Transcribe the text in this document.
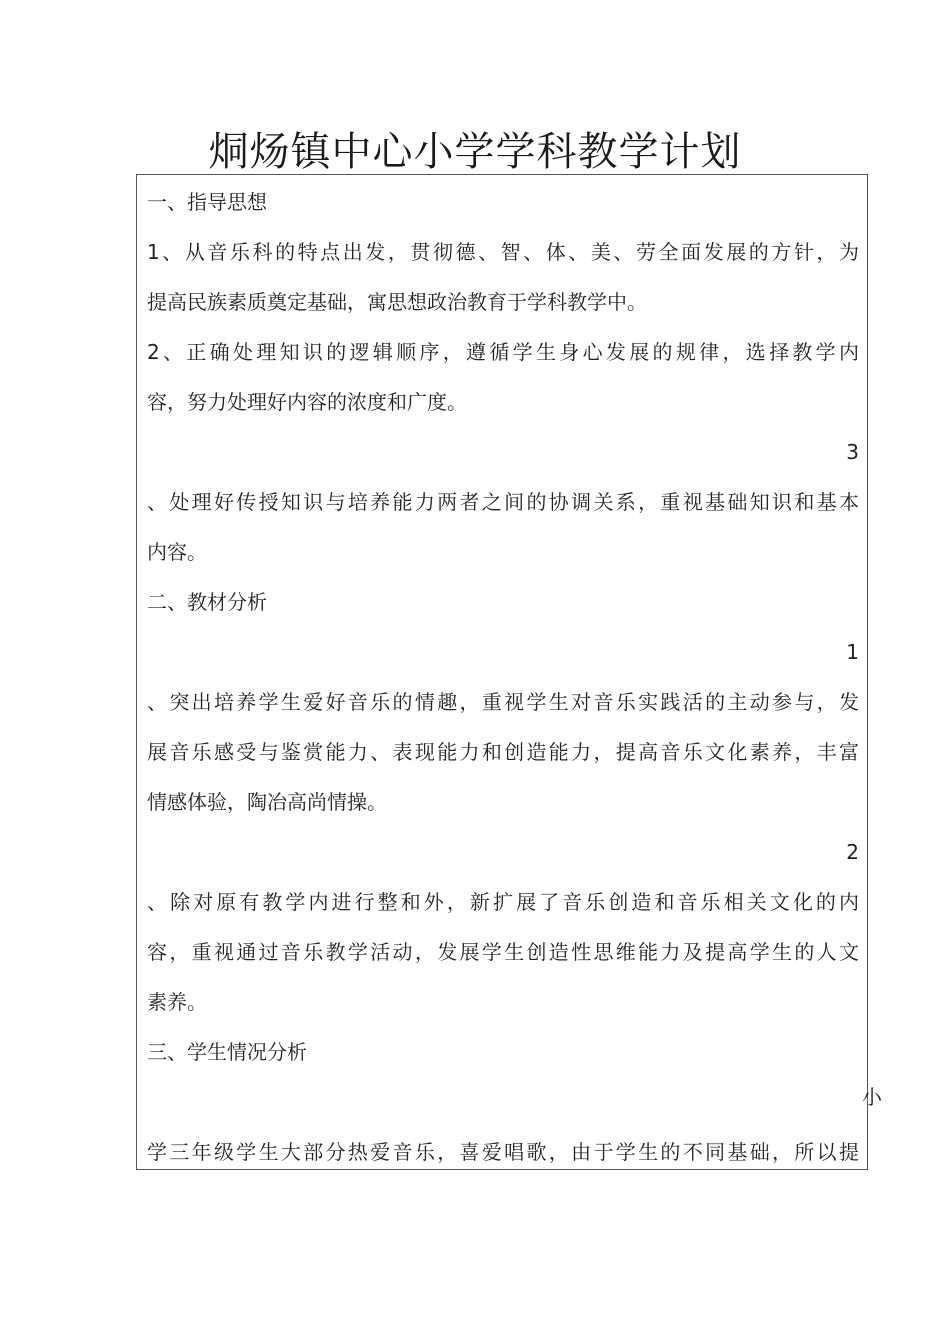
烔炀镇中心小学学科教学计划
一、指导思想
1、从音乐科的特点出发，贯彻德、智、体、美、劳全面发展的方针，为
提高民族素质奠定基础，寓思想政治教育于学科教学中。
2、正确处理知识的逻辑顺序，遵循学生身心发展的规律，选择教学内
容，努力处理好内容的浓度和广度。
3
、处理好传授知识与培养能力两者之间的协调关系，重视基础知识和基本
内容。
二、教材分析
1
、突出培养学生爱好音乐的情趣，重视学生对音乐实践活的主动参与，发
展音乐感受与鉴赏能力、表现能力和创造能力，提高音乐文化素养，丰富
情感体验，陶冶高尚情操。
2
、除对原有教学内进行整和外，新扩展了音乐创造和音乐相关文化的内
容，重视通过音乐教学活动，发展学生创造性思维能力及提高学生的人文
素养。
三、学生情况分析
学三年级学生大部分热爱音乐，喜爱唱歌，由于学生的不同基础，所以提
小
